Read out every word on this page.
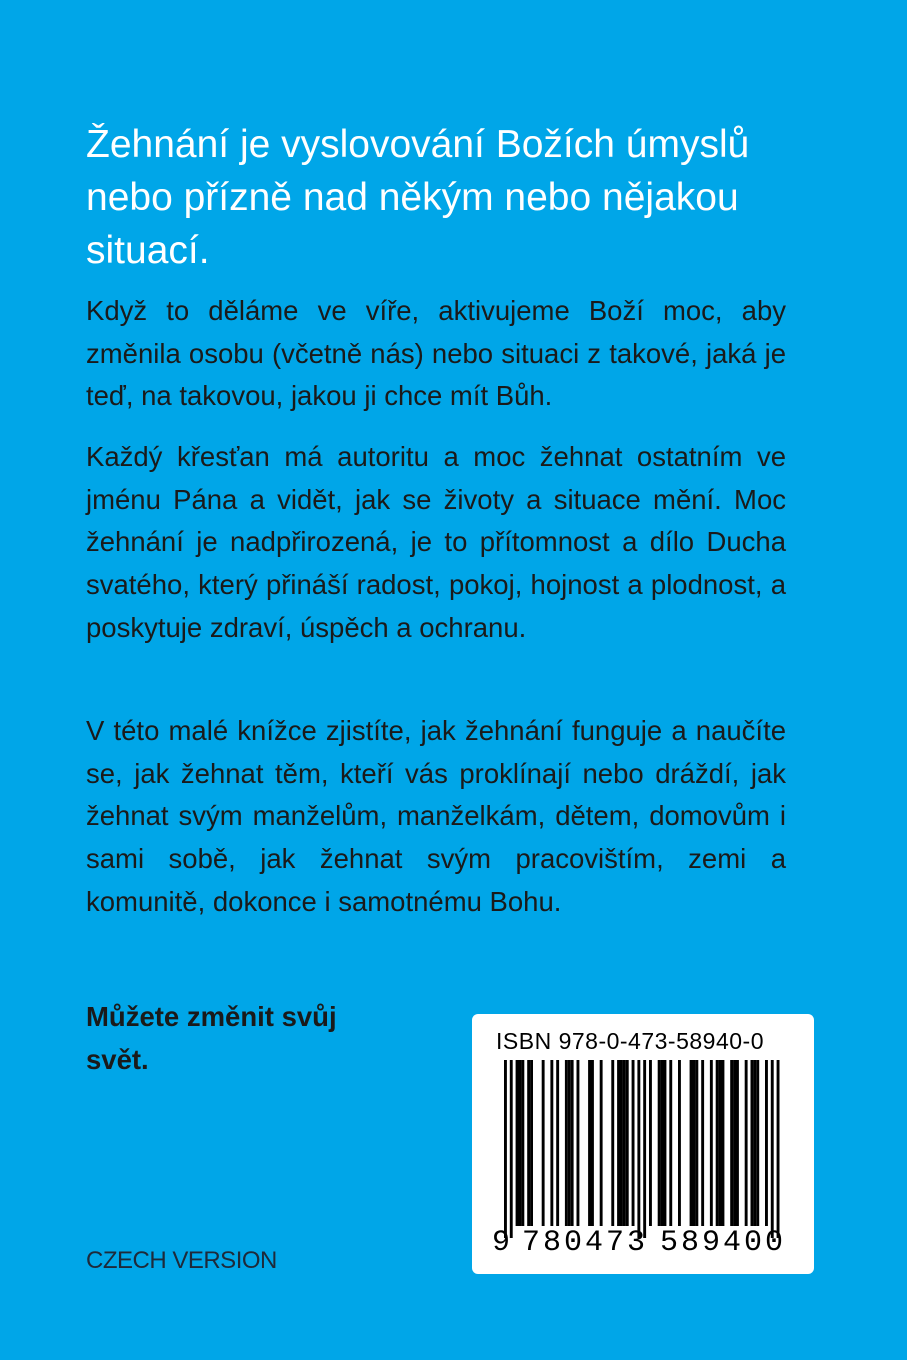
Žehnání je vyslovování Božích úmyslů nebo přízně nad někým nebo nějakou situací.

Když to děláme ve víře, aktivujeme Boží moc, aby změnila osobu (včetně nás) nebo situaci z takové, jaká je teď, na takovou, jakou ji chce mít Bůh.

Každý křesťan má autoritu a moc žehnat ostatním ve jménu Pána a vidět, jak se životy a situace mění. Moc žehnání je nadpřirozená, je to přítomnost a dílo Ducha svatého, který přináší radost, pokoj, hojnost a plodnost, a poskytuje zdraví, úspěch a ochranu.

V této malé knížce zjistíte, jak žehnání funguje a naučíte se, jak žehnat těm, kteří vás proklínají nebo dráždí, jak žehnat svým manželům, manželkám, dětem, domovům i sami sobě, jak žehnat svým pracovištím, zemi a komunitě, dokonce i samotnému Bohu.

Můžete změnit svůj svět.

CZECH VERSION
ISBN 978-0-473-58940-0
9 780473 589400
